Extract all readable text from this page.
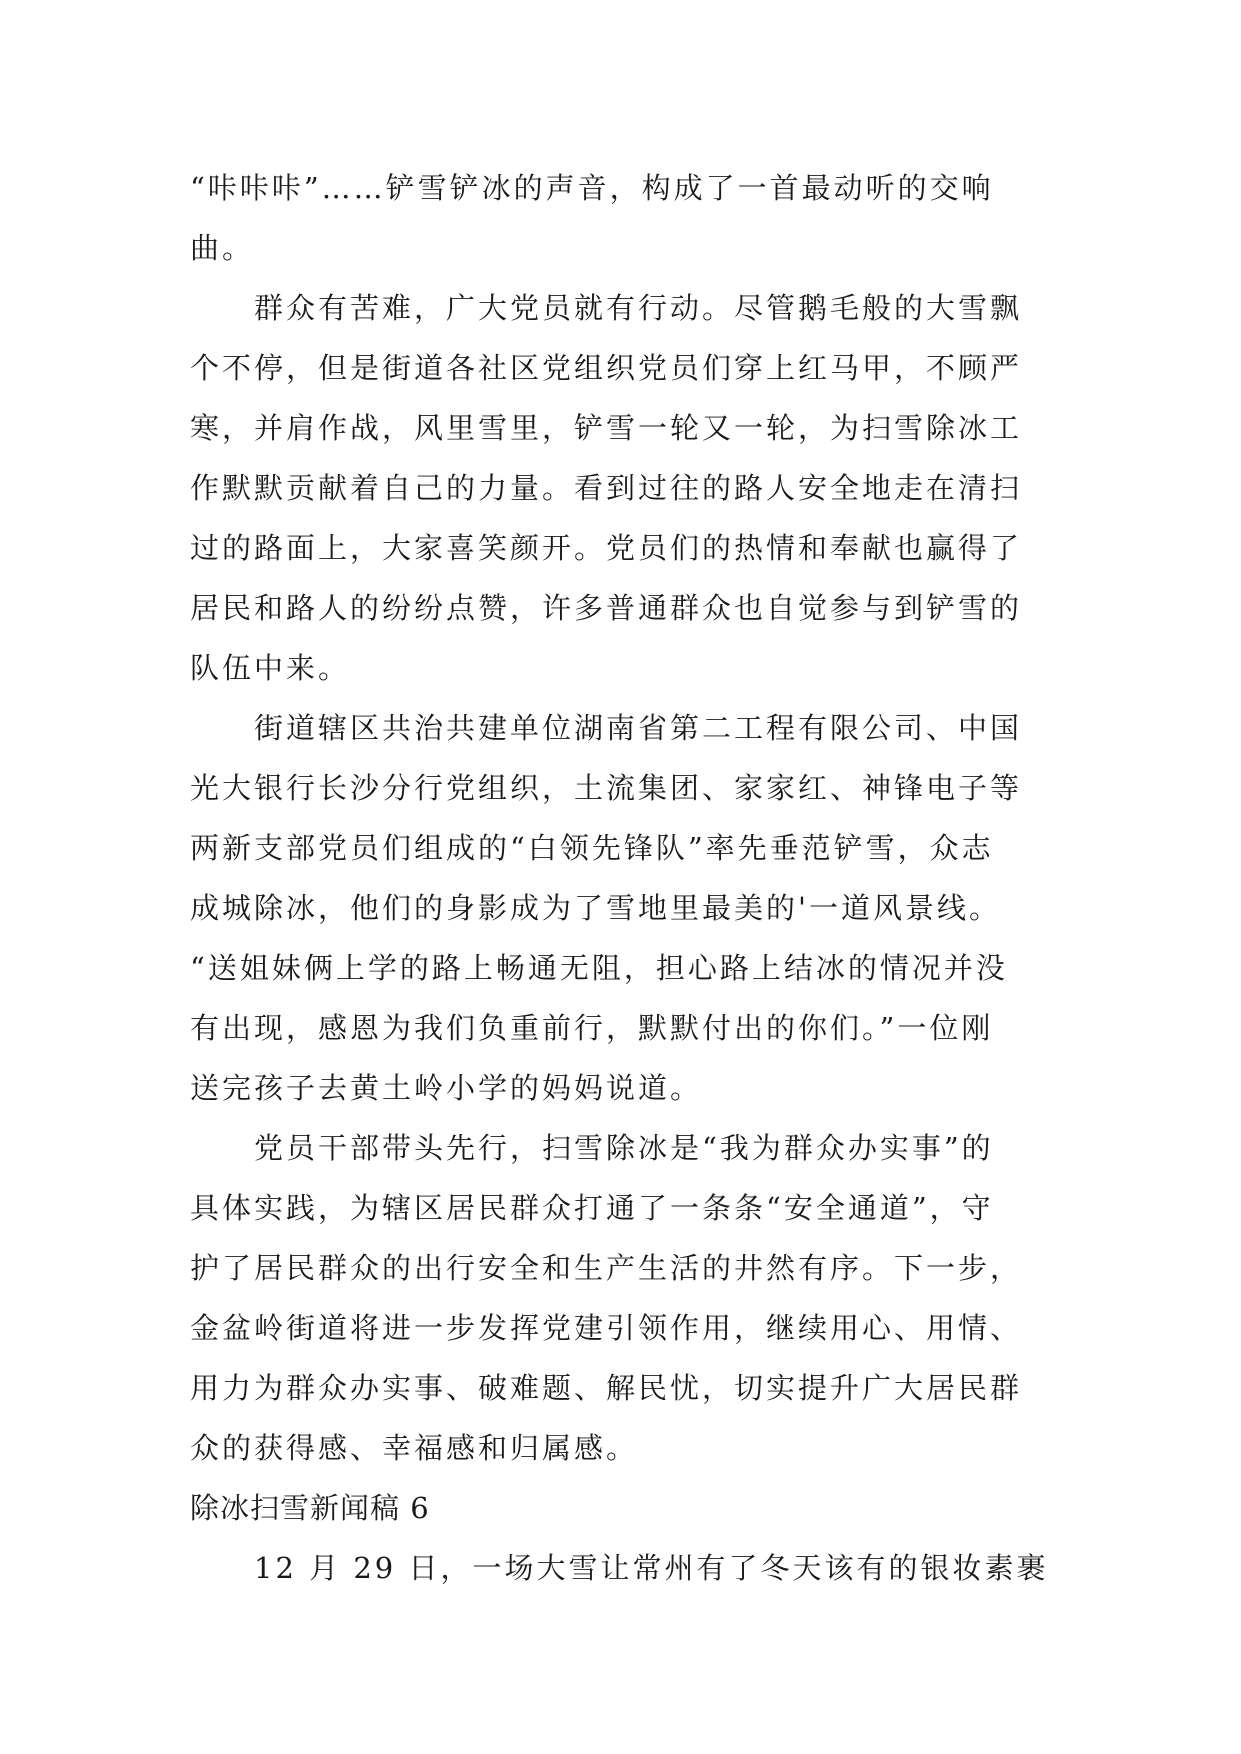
“咔咔咔”……铲雪铲冰的声音，构成了一首最动听的交响
曲。
群众有苦难，广大党员就有行动。尽管鹅毛般的大雪飘
个不停，但是街道各社区党组织党员们穿上红马甲，不顾严
寒，并肩作战，风里雪里，铲雪一轮又一轮，为扫雪除冰工
作默默贡献着自己的力量。看到过往的路人安全地走在清扫
过的路面上，大家喜笑颜开。党员们的热情和奉献也赢得了
居民和路人的纷纷点赞，许多普通群众也自觉参与到铲雪的
队伍中来。
街道辖区共治共建单位湖南省第二工程有限公司、中国
光大银行长沙分行党组织，土流集团、家家红、神锋电子等
两新支部党员们组成的“白领先锋队”率先垂范铲雪，众志
成城除冰，他们的身影成为了雪地里最美的'一道风景线。
“送姐妹俩上学的路上畅通无阻，担心路上结冰的情况并没
有出现，感恩为我们负重前行，默默付出的你们。”一位刚
送完孩子去黄土岭小学的妈妈说道。
党员干部带头先行，扫雪除冰是“我为群众办实事”的
具体实践，为辖区居民群众打通了一条条“安全通道”，守
护了居民群众的出行安全和生产生活的井然有序。下一步，
金盆岭街道将进一步发挥党建引领作用，继续用心、用情、
用力为群众办实事、破难题、解民忧，切实提升广大居民群
众的获得感、幸福感和归属感。
除冰扫雪新闻稿 6
12 月 29 日，一场大雪让常州有了冬天该有的银妆素裹
